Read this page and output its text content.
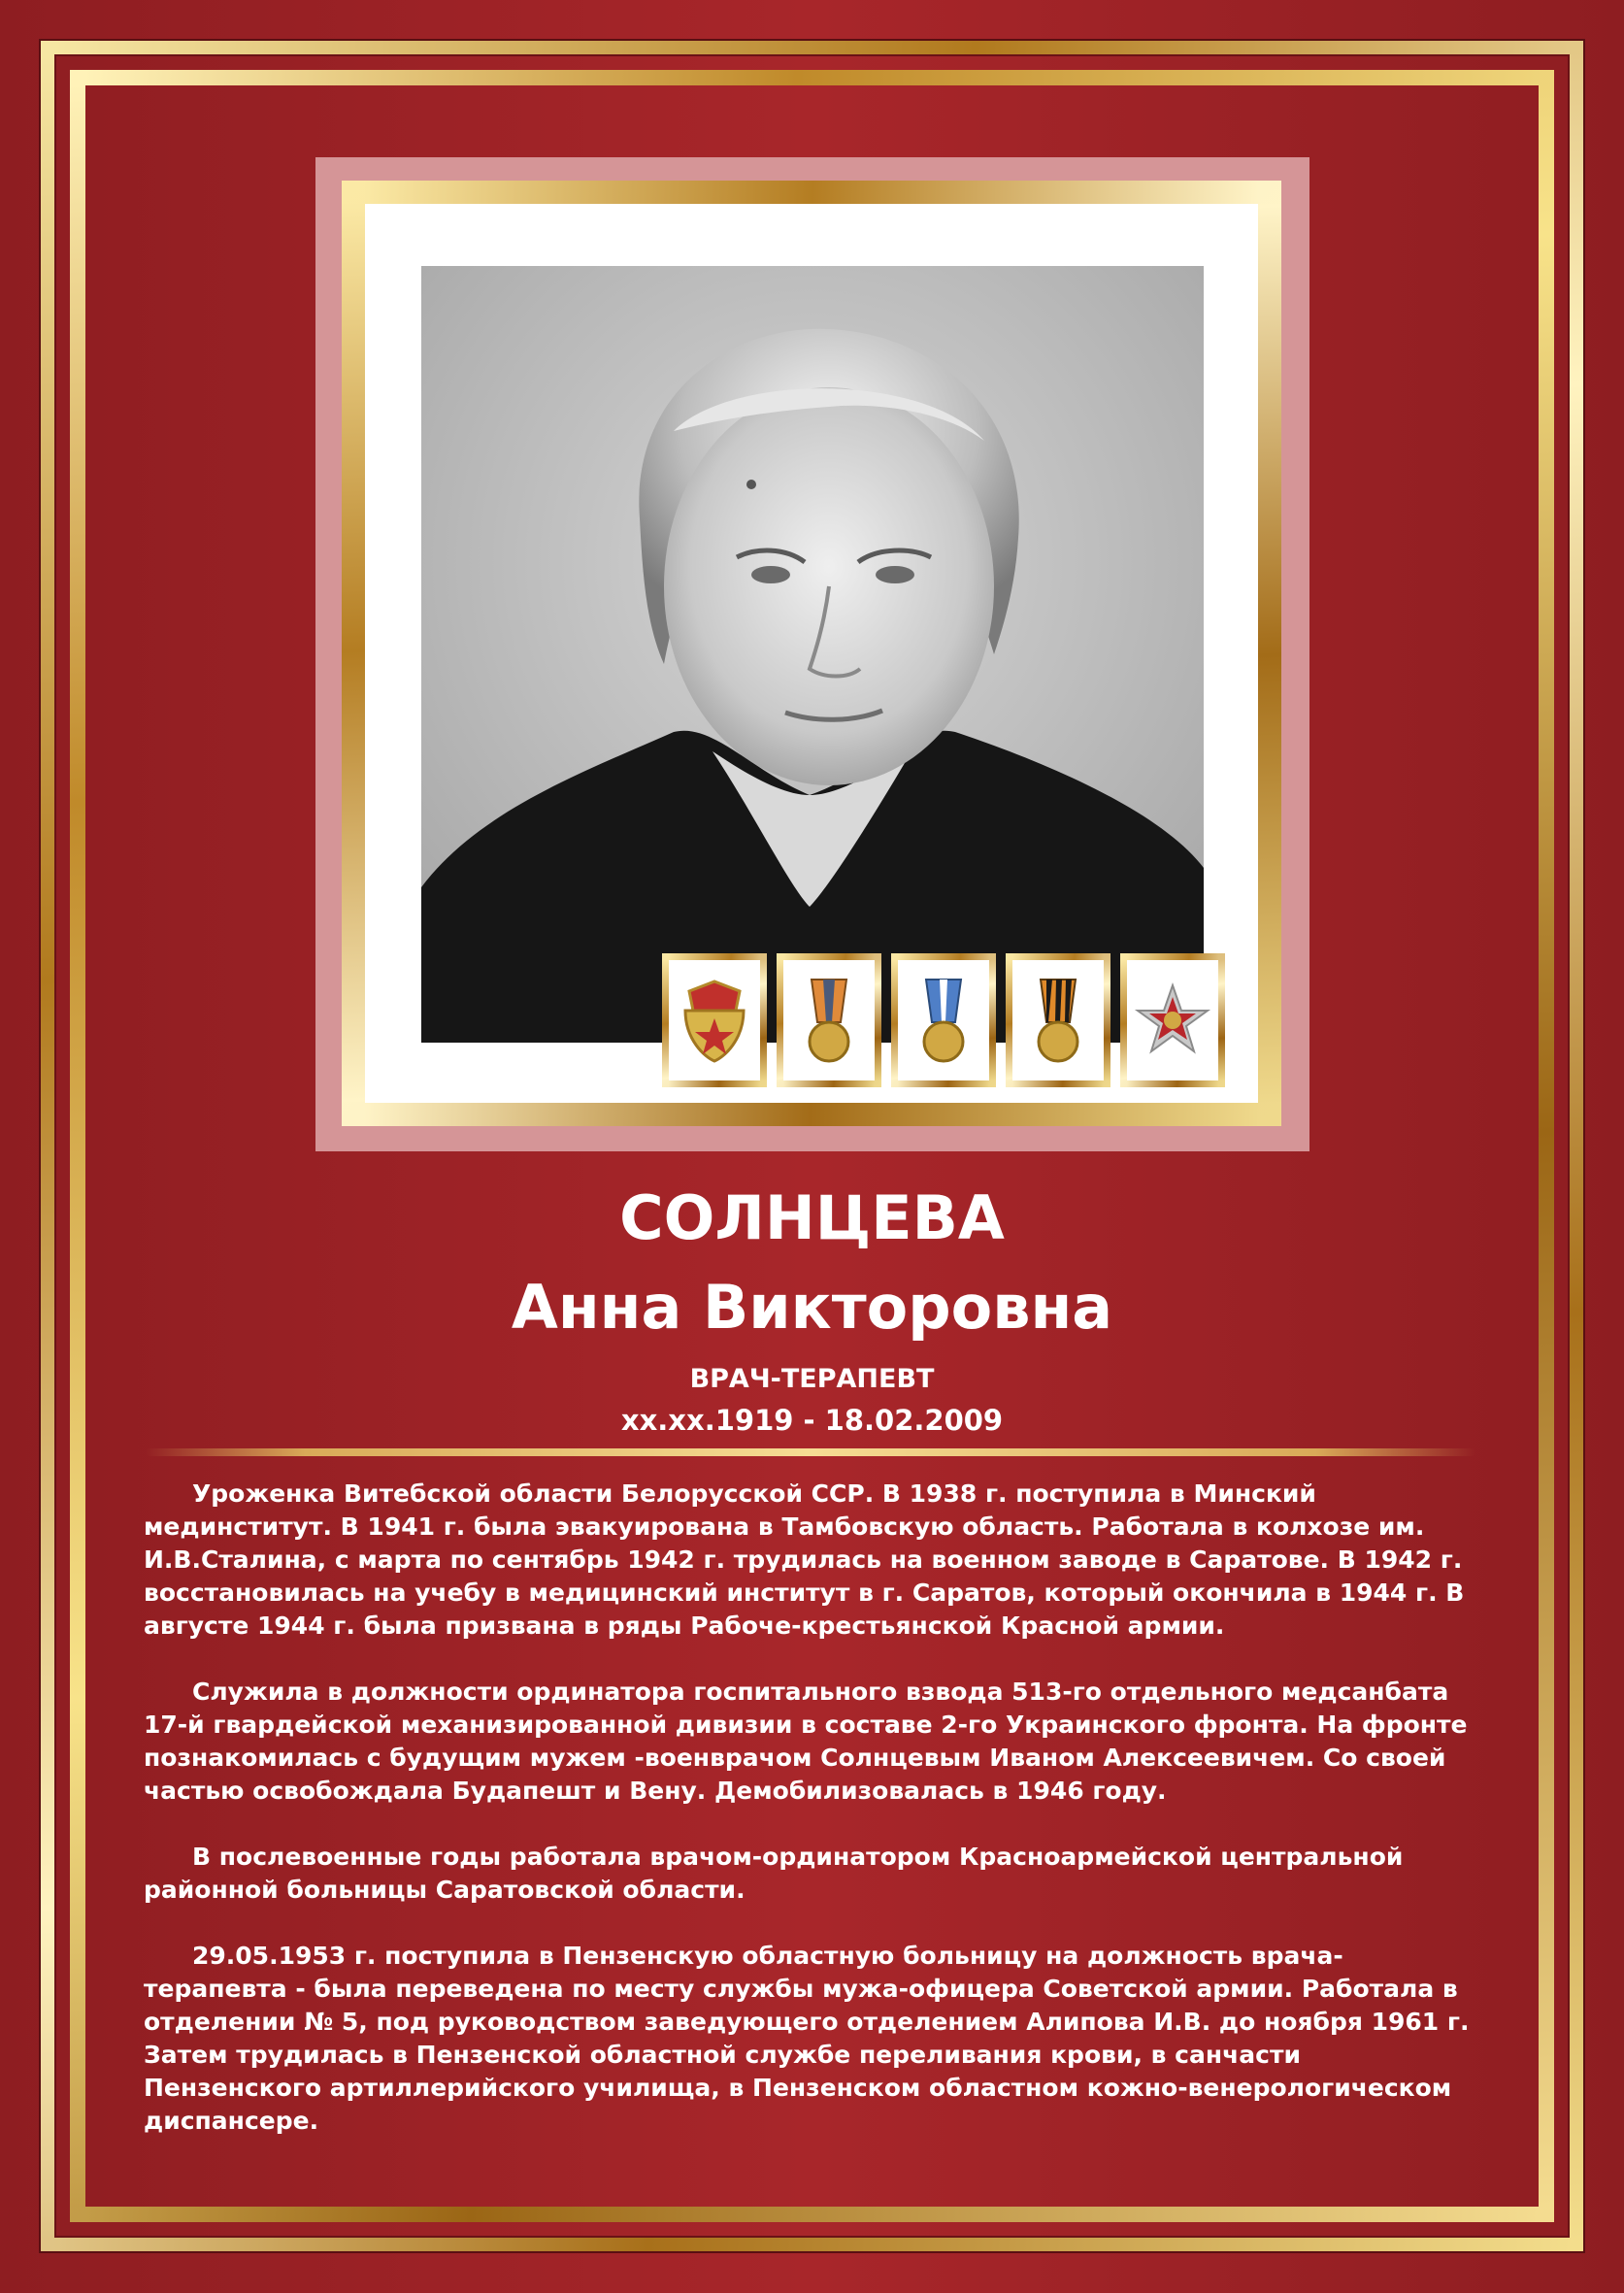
СОЛНЦЕВА
Анна Викторовна
ВРАЧ-ТЕРАПЕВТ
хх.хх.1919 - 18.02.2009

Уроженка Витебской области Белорусской ССР. В 1938 г. поступила в Минский мединститут. В 1941 г. была эвакуирована в Тамбовскую область. Работала в колхозе им. И.В.Сталина, с марта по сентябрь 1942 г. трудилась на военном заводе в Саратове. В 1942 г. восстановилась на учебу в медицинский институт в г. Саратов, который окончила в 1944 г. В августе 1944 г. была призвана в ряды Рабоче-крестьянской Красной армии.

Служила в должности ординатора госпитального взвода 513-го отдельного медсанбата 17-й гвардейской механизированной дивизии в составе 2-го Украинского фронта. На фронте познакомилась с будущим мужем -военврачом Солнцевым Иваном Алексеевичем. Со своей частью освобождала Будапешт и Вену. Демобилизовалась в 1946 году.

В послевоенные годы работала врачом-ординатором Красноармейской центральной районной больницы Саратовской области.

29.05.1953 г. поступила в Пензенскую областную больницу на должность врача-терапевта - была переведена по месту службы мужа-офицера Советской армии. Работала в отделении № 5, под руководством заведующего отделением Алипова И.В. до ноября 1961 г. Затем трудилась в Пензенской областной службе переливания крови, в санчасти Пензенского артиллерийского училища, в Пензенском областном кожно-венерологическом диспансере.
